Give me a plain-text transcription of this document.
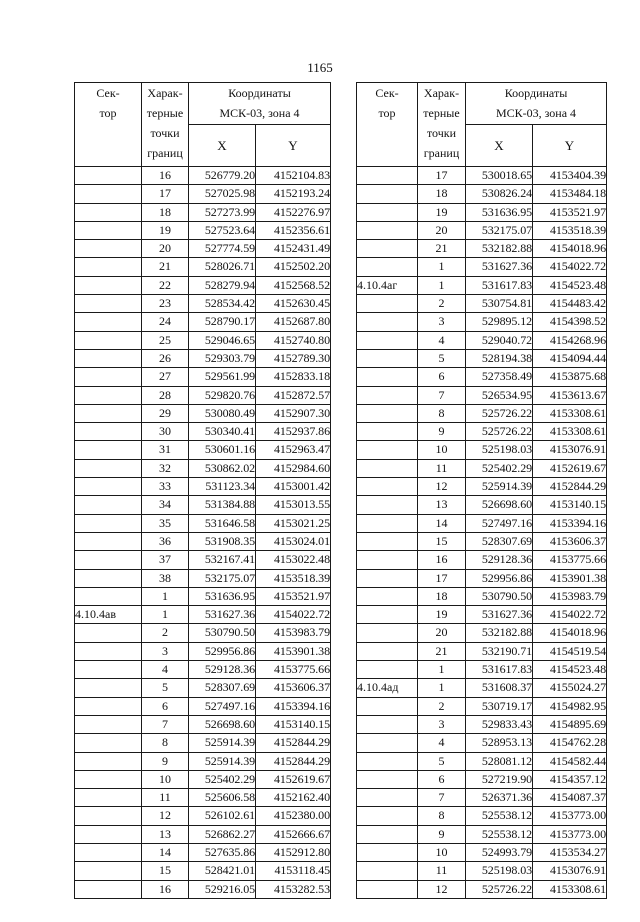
1165
Сек-
тор	Харак-
терные
точки
границ	Координаты
МСК-03, зона 4	
		X	Y
	16	526779.20	4152104.83
	17	527025.98	4152193.24
	18	527273.99	4152276.97
	19	527523.64	4152356.61
	20	527774.59	4152431.49
	21	528026.71	4152502.20
	22	528279.94	4152568.52
	23	528534.42	4152630.45
	24	528790.17	4152687.80
	25	529046.65	4152740.80
	26	529303.79	4152789.30
	27	529561.99	4152833.18
	28	529820.76	4152872.57
	29	530080.49	4152907.30
	30	530340.41	4152937.86
	31	530601.16	4152963.47
	32	530862.02	4152984.60
	33	531123.34	4153001.42
	34	531384.88	4153013.55
	35	531646.58	4153021.25
	36	531908.35	4153024.01
	37	532167.41	4153022.48
	38	532175.07	4153518.39
	1	531636.95	4153521.97
4.10.4ав	1	531627.36	4154022.72
	2	530790.50	4153983.79
	3	529956.86	4153901.38
	4	529128.36	4153775.66
	5	528307.69	4153606.37
	6	527497.16	4153394.16
	7	526698.60	4153140.15
	8	525914.39	4152844.29
	9	525914.39	4152844.29
	10	525402.29	4152619.67
	11	525606.58	4152162.40
	12	526102.61	4152380.00
	13	526862.27	4152666.67
	14	527635.86	4152912.80
	15	528421.01	4153118.45
	16	529216.05	4153282.53
Сек-
тор	Харак-
терные
точки
границ	Координаты
МСК-03, зона 4	
		X	Y
	17	530018.65	4153404.39
	18	530826.24	4153484.18
	19	531636.95	4153521.97
	20	532175.07	4153518.39
	21	532182.88	4154018.96
	1	531627.36	4154022.72
4.10.4аг	1	531617.83	4154523.48
	2	530754.81	4154483.42
	3	529895.12	4154398.52
	4	529040.72	4154268.96
	5	528194.38	4154094.44
	6	527358.49	4153875.68
	7	526534.95	4153613.67
	8	525726.22	4153308.61
	9	525726.22	4153308.61
	10	525198.03	4153076.91
	11	525402.29	4152619.67
	12	525914.39	4152844.29
	13	526698.60	4153140.15
	14	527497.16	4153394.16
	15	528307.69	4153606.37
	16	529128.36	4153775.66
	17	529956.86	4153901.38
	18	530790.50	4153983.79
	19	531627.36	4154022.72
	20	532182.88	4154018.96
	21	532190.71	4154519.54
	1	531617.83	4154523.48
4.10.4ад	1	531608.37	4155024.27
	2	530719.17	4154982.95
	3	529833.43	4154895.69
	4	528953.13	4154762.28
	5	528081.12	4154582.44
	6	527219.90	4154357.12
	7	526371.36	4154087.37
	8	525538.12	4153773.00
	9	525538.12	4153773.00
	10	524993.79	4153534.27
	11	525198.03	4153076.91
	12	525726.22	4153308.61
